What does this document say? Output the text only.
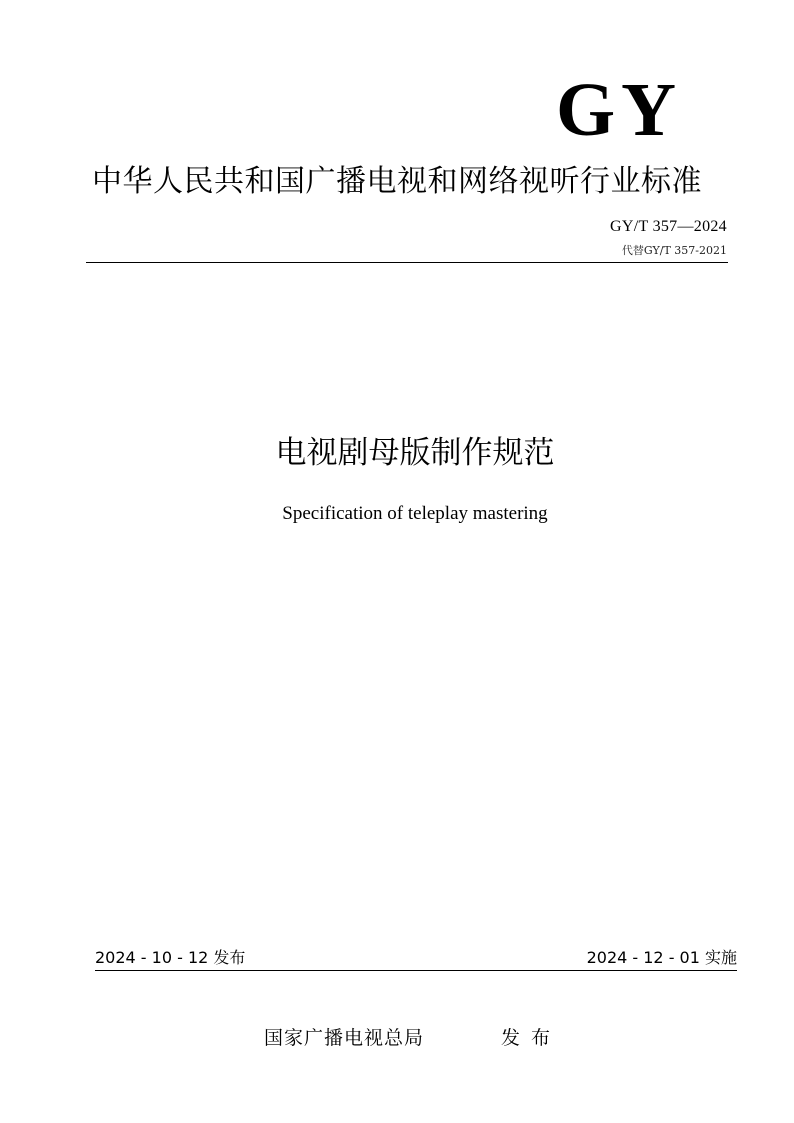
GY
中华人民共和国广播电视和网络视听行业标准
GY/T 357—2024
代替GY/T 357-2021
电视剧母版制作规范
Specification of teleplay mastering
2024 - 10 - 12 发布	2024 - 12 - 01 实施
国家广播电视总局	发布
